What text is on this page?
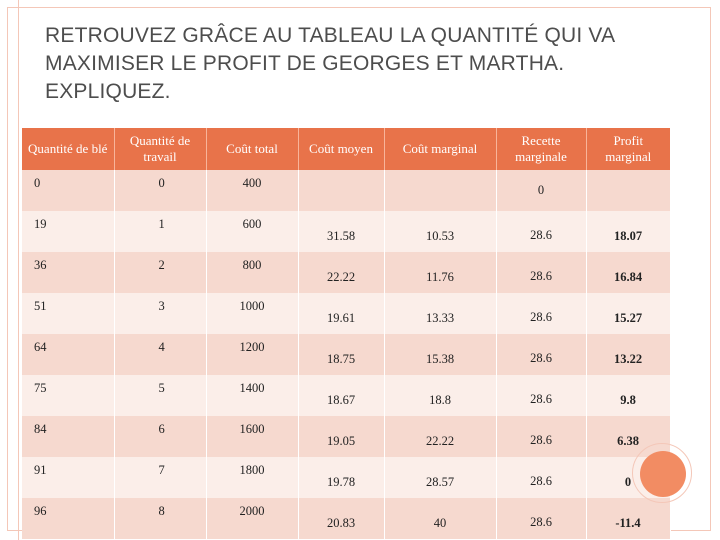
RETROUVEZ GRÂCE AU TABLEAU LA QUANTITÉ QUI VA MAXIMISER LE PROFIT DE GEORGES ET MARTHA. EXPLIQUEZ.
Quantité de blé	Quantité de travail	Coût total	Coût moyen	Coût marginal	Recette marginale	Profit marginal
0	0	400			0	
19	1	600	31.58	10.53	28.6	18.07
36	2	800	22.22	11.76	28.6	16.84
51	3	1000	19.61	13.33	28.6	15.27
64	4	1200	18.75	15.38	28.6	13.22
75	5	1400	18.67	18.8	28.6	9.8
84	6	1600	19.05	22.22	28.6	6.38
91	7	1800	19.78	28.57	28.6	0
96	8	2000	20.83	40	28.6	-11.4
